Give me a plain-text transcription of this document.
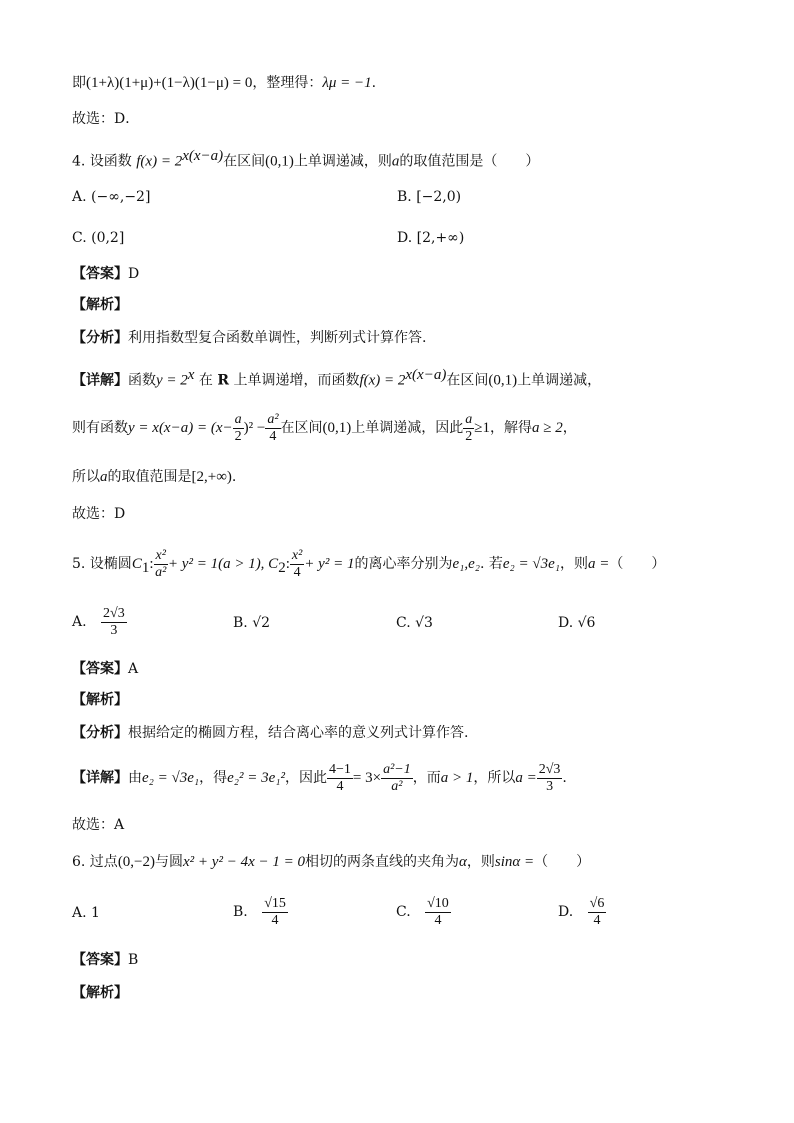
即(1+λ)(1+μ)+(1−λ)(1−μ) = 0，整理得：λμ = −1.
故选：D．
4. 设函数 $f(x) = 2^{x(x-a)}$在区间(0,1)上单调递减，则a的取值范围是（　　）
A. (−∞,−2]	B. [−2,0)
C. (0,2]	D. [2,+∞)
【答案】D
【解析】
【分析】利用指数型复合函数单调性，判断列式计算作答.
【详解】函数$y = 2^x$ 在 R 上单调递增，而函数$f(x) = 2^{x(x-a)}$在区间(0,1)上单调递减，
则有函数$y = x(x-a) = (x- \frac{a}{2} )^2 - \frac{\text{a²}}{4}$ 在区间(0,1)上单调递减，因此 $\frac{a}{2} \ge 1$，解得a ≥ 2，
所以a的取值范围是[2,+∞).
故选：D
5. 设椭圆$C_1$: $\frac{\text{x²}}{\text{a²}} + y^2 = 1(a > 1)$, $C_2$: $\frac{\text{x²}}{4} + y^2 = 1$的离心率分别为e₁,e₂. 若e₂ = √3e₁，则a =（　　）
A. $\frac{2√3}{3}$	B. √2	C. √3	D. √6
【答案】A
【解析】
【分析】根据给定的椭圆方程，结合离心率的意义列式计算作答.
【详解】由e₂ = √3e₁，得e₂² = 3e₁²，因此 $\frac{4-1}{4} = 3\times \frac{\text{a²−1}}{\text{a²}}$ ，而a > 1，所以$a = \frac{2√3}{3}$ .
故选：A
6. 过点(0,−2)与圆x² + y² − 4x − 1 = 0相切的两条直线的夹角为α，则sinα =（　　）
A. 1	B. $\frac{√15}{4}$	C. $\frac{√10}{4}$	D. $\frac{√6}{4}$
【答案】B
【解析】
